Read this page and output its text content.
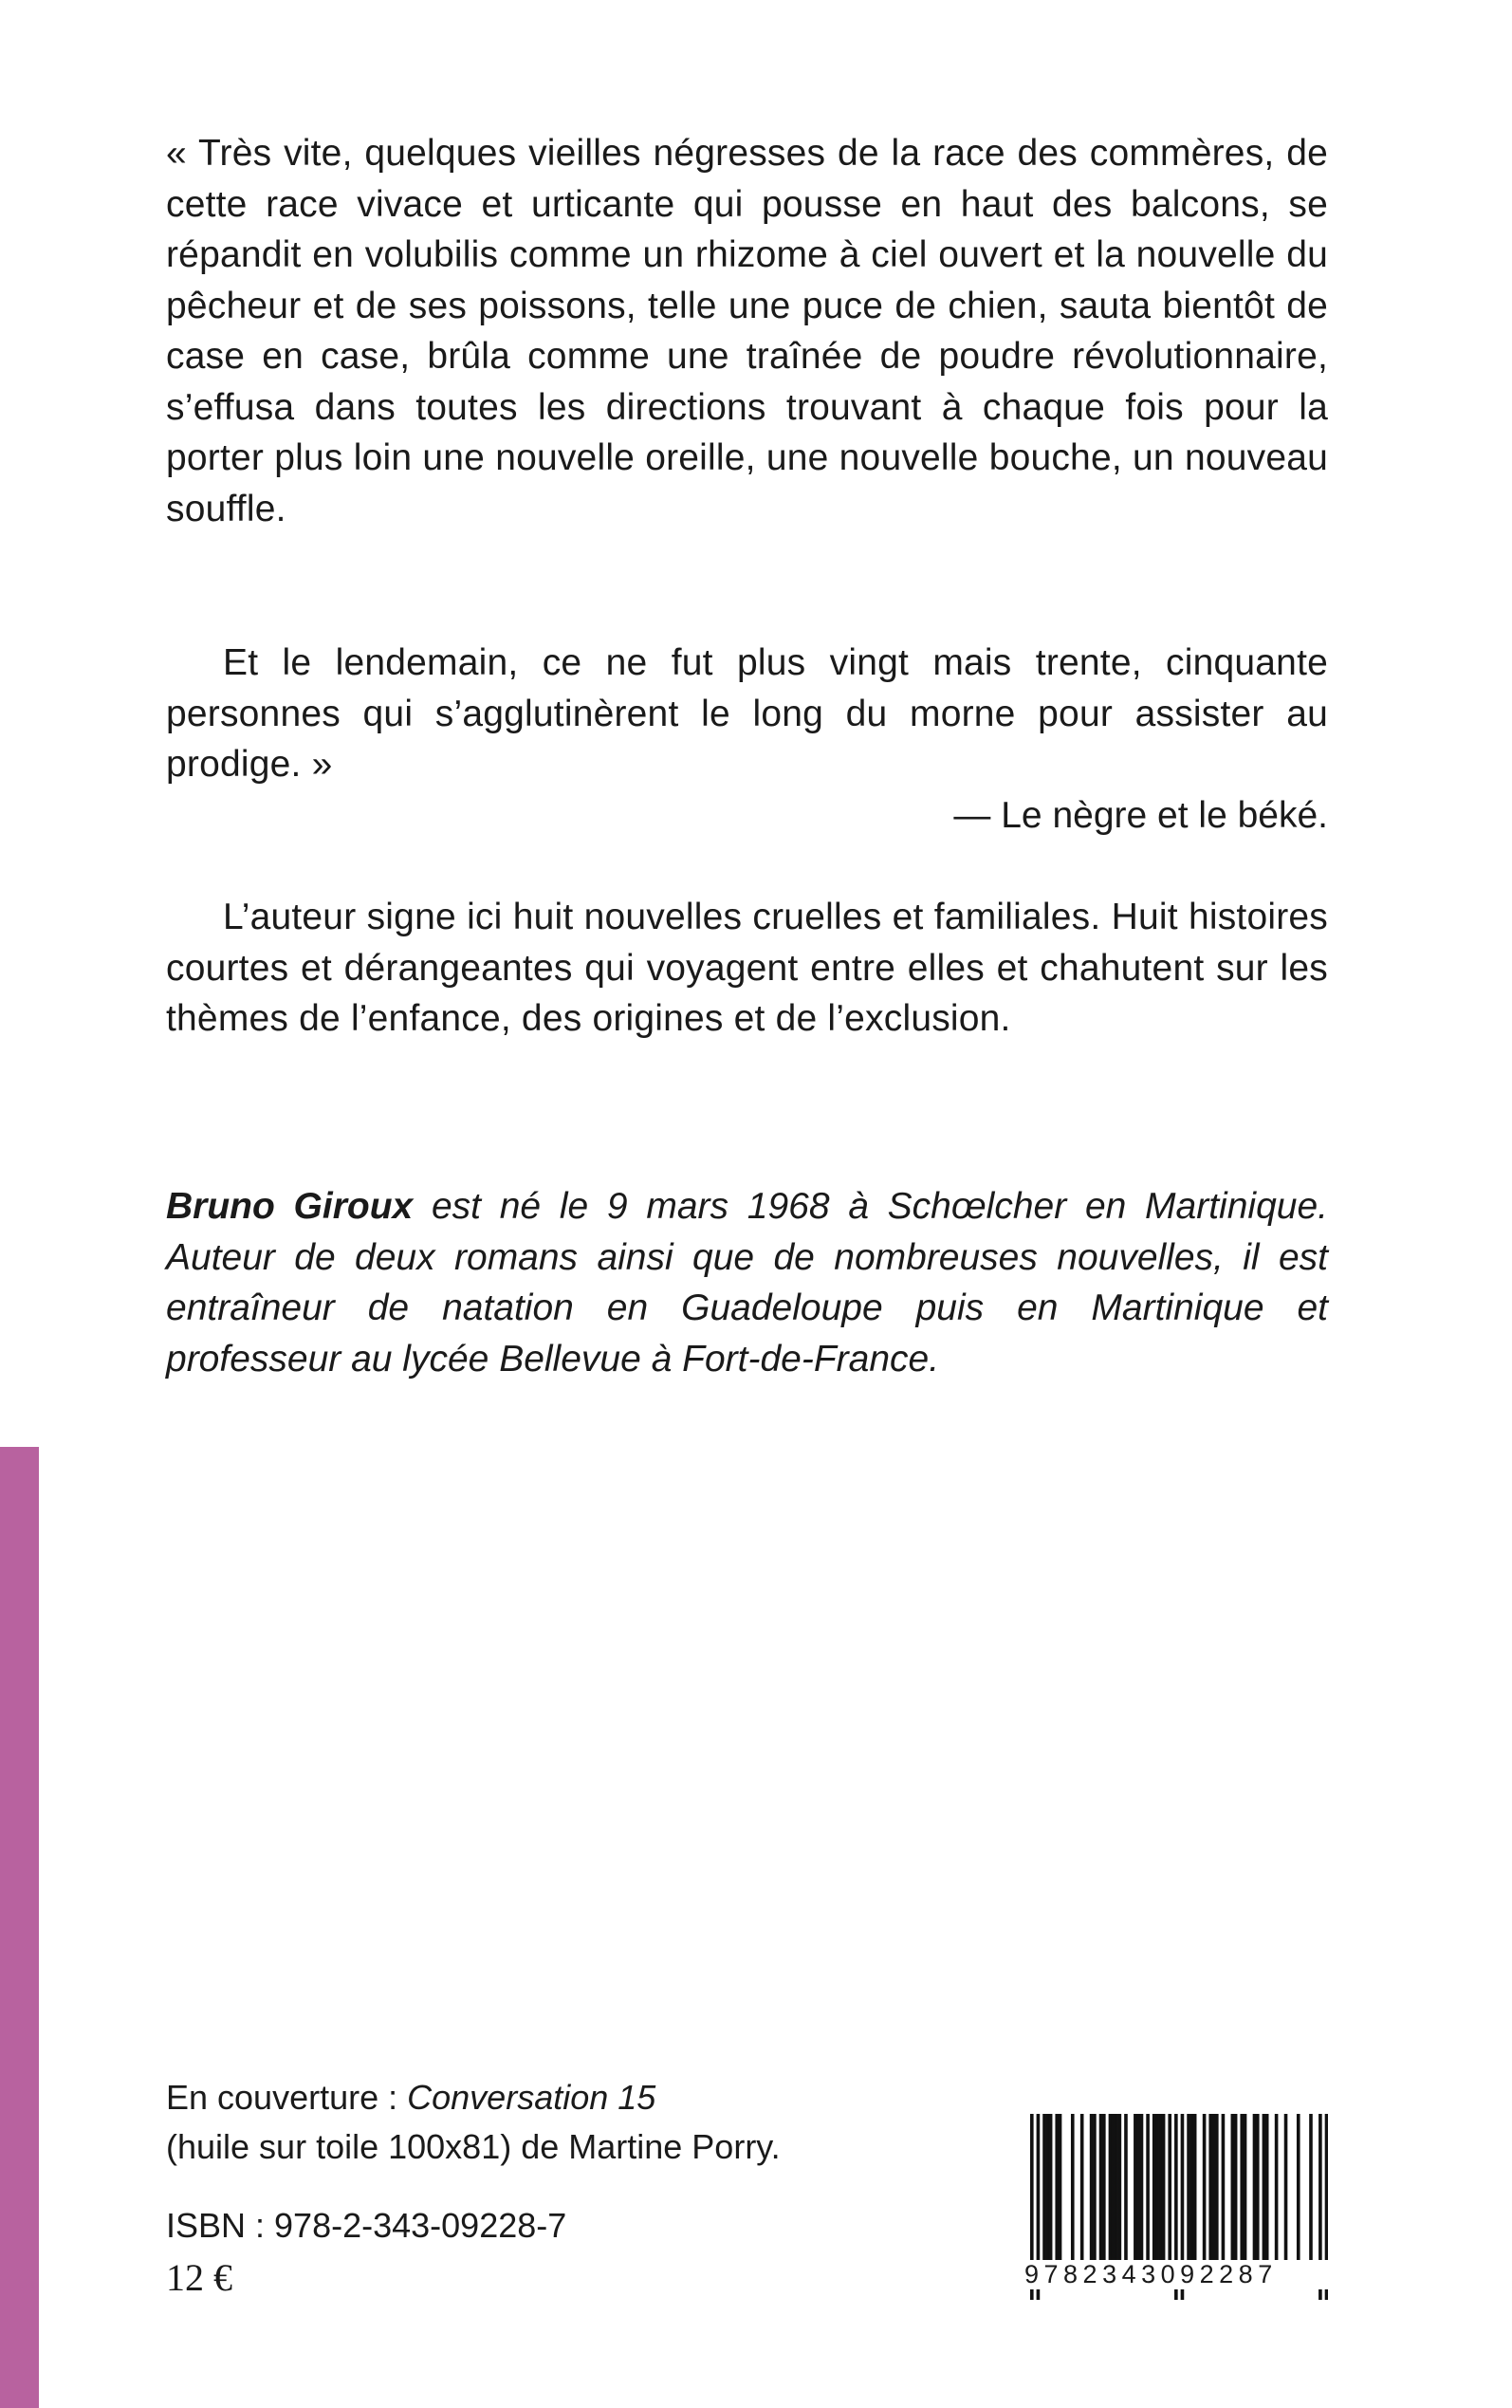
« Très vite, quelques vieilles négresses de la race des commères, de cette race vivace et urticante qui pousse en haut des balcons, se répandit en volubilis comme un rhizome à ciel ouvert et la nouvelle du pêcheur et de ses poissons, telle une puce de chien, sauta bientôt de case en case, brûla comme une traînée de poudre révolutionnaire, s’effusa dans toutes les directions trouvant à chaque fois pour la porter plus loin une nouvelle oreille, une nouvelle bouche, un nouveau souffle.

Et le lendemain, ce ne fut plus vingt mais trente, cinquante personnes qui s’agglutinèrent le long du morne pour assister au prodige. »

— Le nègre et le béké.

L’auteur signe ici huit nouvelles cruelles et familiales. Huit histoires courtes et dérangeantes qui voyagent entre elles et chahutent sur les thèmes de l’enfance, des origines et de l’exclusion.

Bruno Giroux est né le 9 mars 1968 à Schœlcher en Martinique. Auteur de deux romans ainsi que de nombreuses nouvelles, il est entraîneur de natation en Guadeloupe puis en Martinique et professeur au lycée Bellevue à Fort-de-France.
En couverture : Conversation 15
(huile sur toile 100x81) de Martine Porry.
ISBN : 978-2-343-09228-7
12 €	9782343092287
